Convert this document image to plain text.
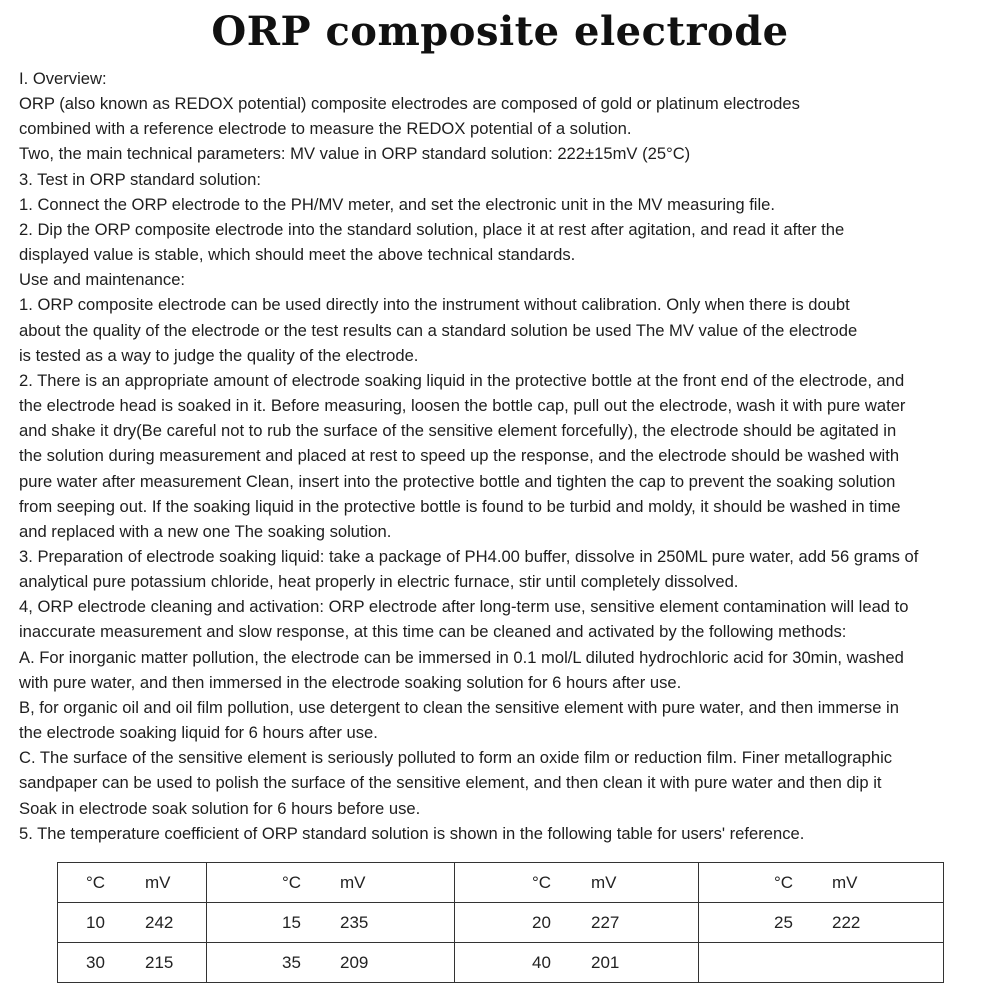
ORP composite electrode
I. Overview:
ORP (also known as REDOX potential) composite electrodes are composed of gold or platinum electrodes
combined with a reference electrode to measure the REDOX potential of a solution.
Two, the main technical parameters: MV value in ORP standard solution: 222±15mV (25°C)
3. Test in ORP standard solution:
1. Connect the ORP electrode to the PH/MV meter, and set the electronic unit in the MV measuring file.
2. Dip the ORP composite electrode into the standard solution, place it at rest after agitation, and read it after the
displayed value is stable, which should meet the above technical standards.
Use and maintenance:
1. ORP composite electrode can be used directly into the instrument without calibration. Only when there is doubt
about the quality of the electrode or the test results can a standard solution be used The MV value of the electrode
is tested as a way to judge the quality of the electrode.
2. There is an appropriate amount of electrode soaking liquid in the protective bottle at the front end of the electrode, and
the electrode head is soaked in it. Before measuring, loosen the bottle cap, pull out the electrode, wash it with pure water
and shake it dry(Be careful not to rub the surface of the sensitive element forcefully), the electrode should be agitated in
the solution during measurement and placed at rest to speed up the response, and the electrode should be washed with
pure water after measurement Clean, insert into the protective bottle and tighten the cap to prevent the soaking solution
from seeping out. If the soaking liquid in the protective bottle is found to be turbid and moldy, it should be washed in time
and replaced with a new one The soaking solution.
3. Preparation of electrode soaking liquid: take a package of PH4.00 buffer, dissolve in 250ML pure water, add 56 grams of
analytical pure potassium chloride, heat properly in electric furnace, stir until completely dissolved.
4, ORP electrode cleaning and activation: ORP electrode after long-term use, sensitive element contamination will lead to
inaccurate measurement and slow response, at this time can be cleaned and activated by the following methods:
A. For inorganic matter pollution, the electrode can be immersed in 0.1 mol/L diluted hydrochloric acid for 30min, washed
with pure water, and then immersed in the electrode soaking solution for 6 hours after use.
B, for organic oil and oil film pollution, use detergent to clean the sensitive element with pure water, and then immerse in
the electrode soaking liquid for 6 hours after use.
C. The surface of the sensitive element is seriously polluted to form an oxide film or reduction film. Finer metallographic
sandpaper can be used to polish the surface of the sensitive element, and then clean it with pure water and then dip it
Soak in electrode soak solution for 6 hours before use.
5. The temperature coefficient of ORP standard solution is shown in the following table for users' reference.
°C mV	°C mV	°C mV	°C mV

10 242	15 235	20 227	25 222

30 215	35 209	40 201	
